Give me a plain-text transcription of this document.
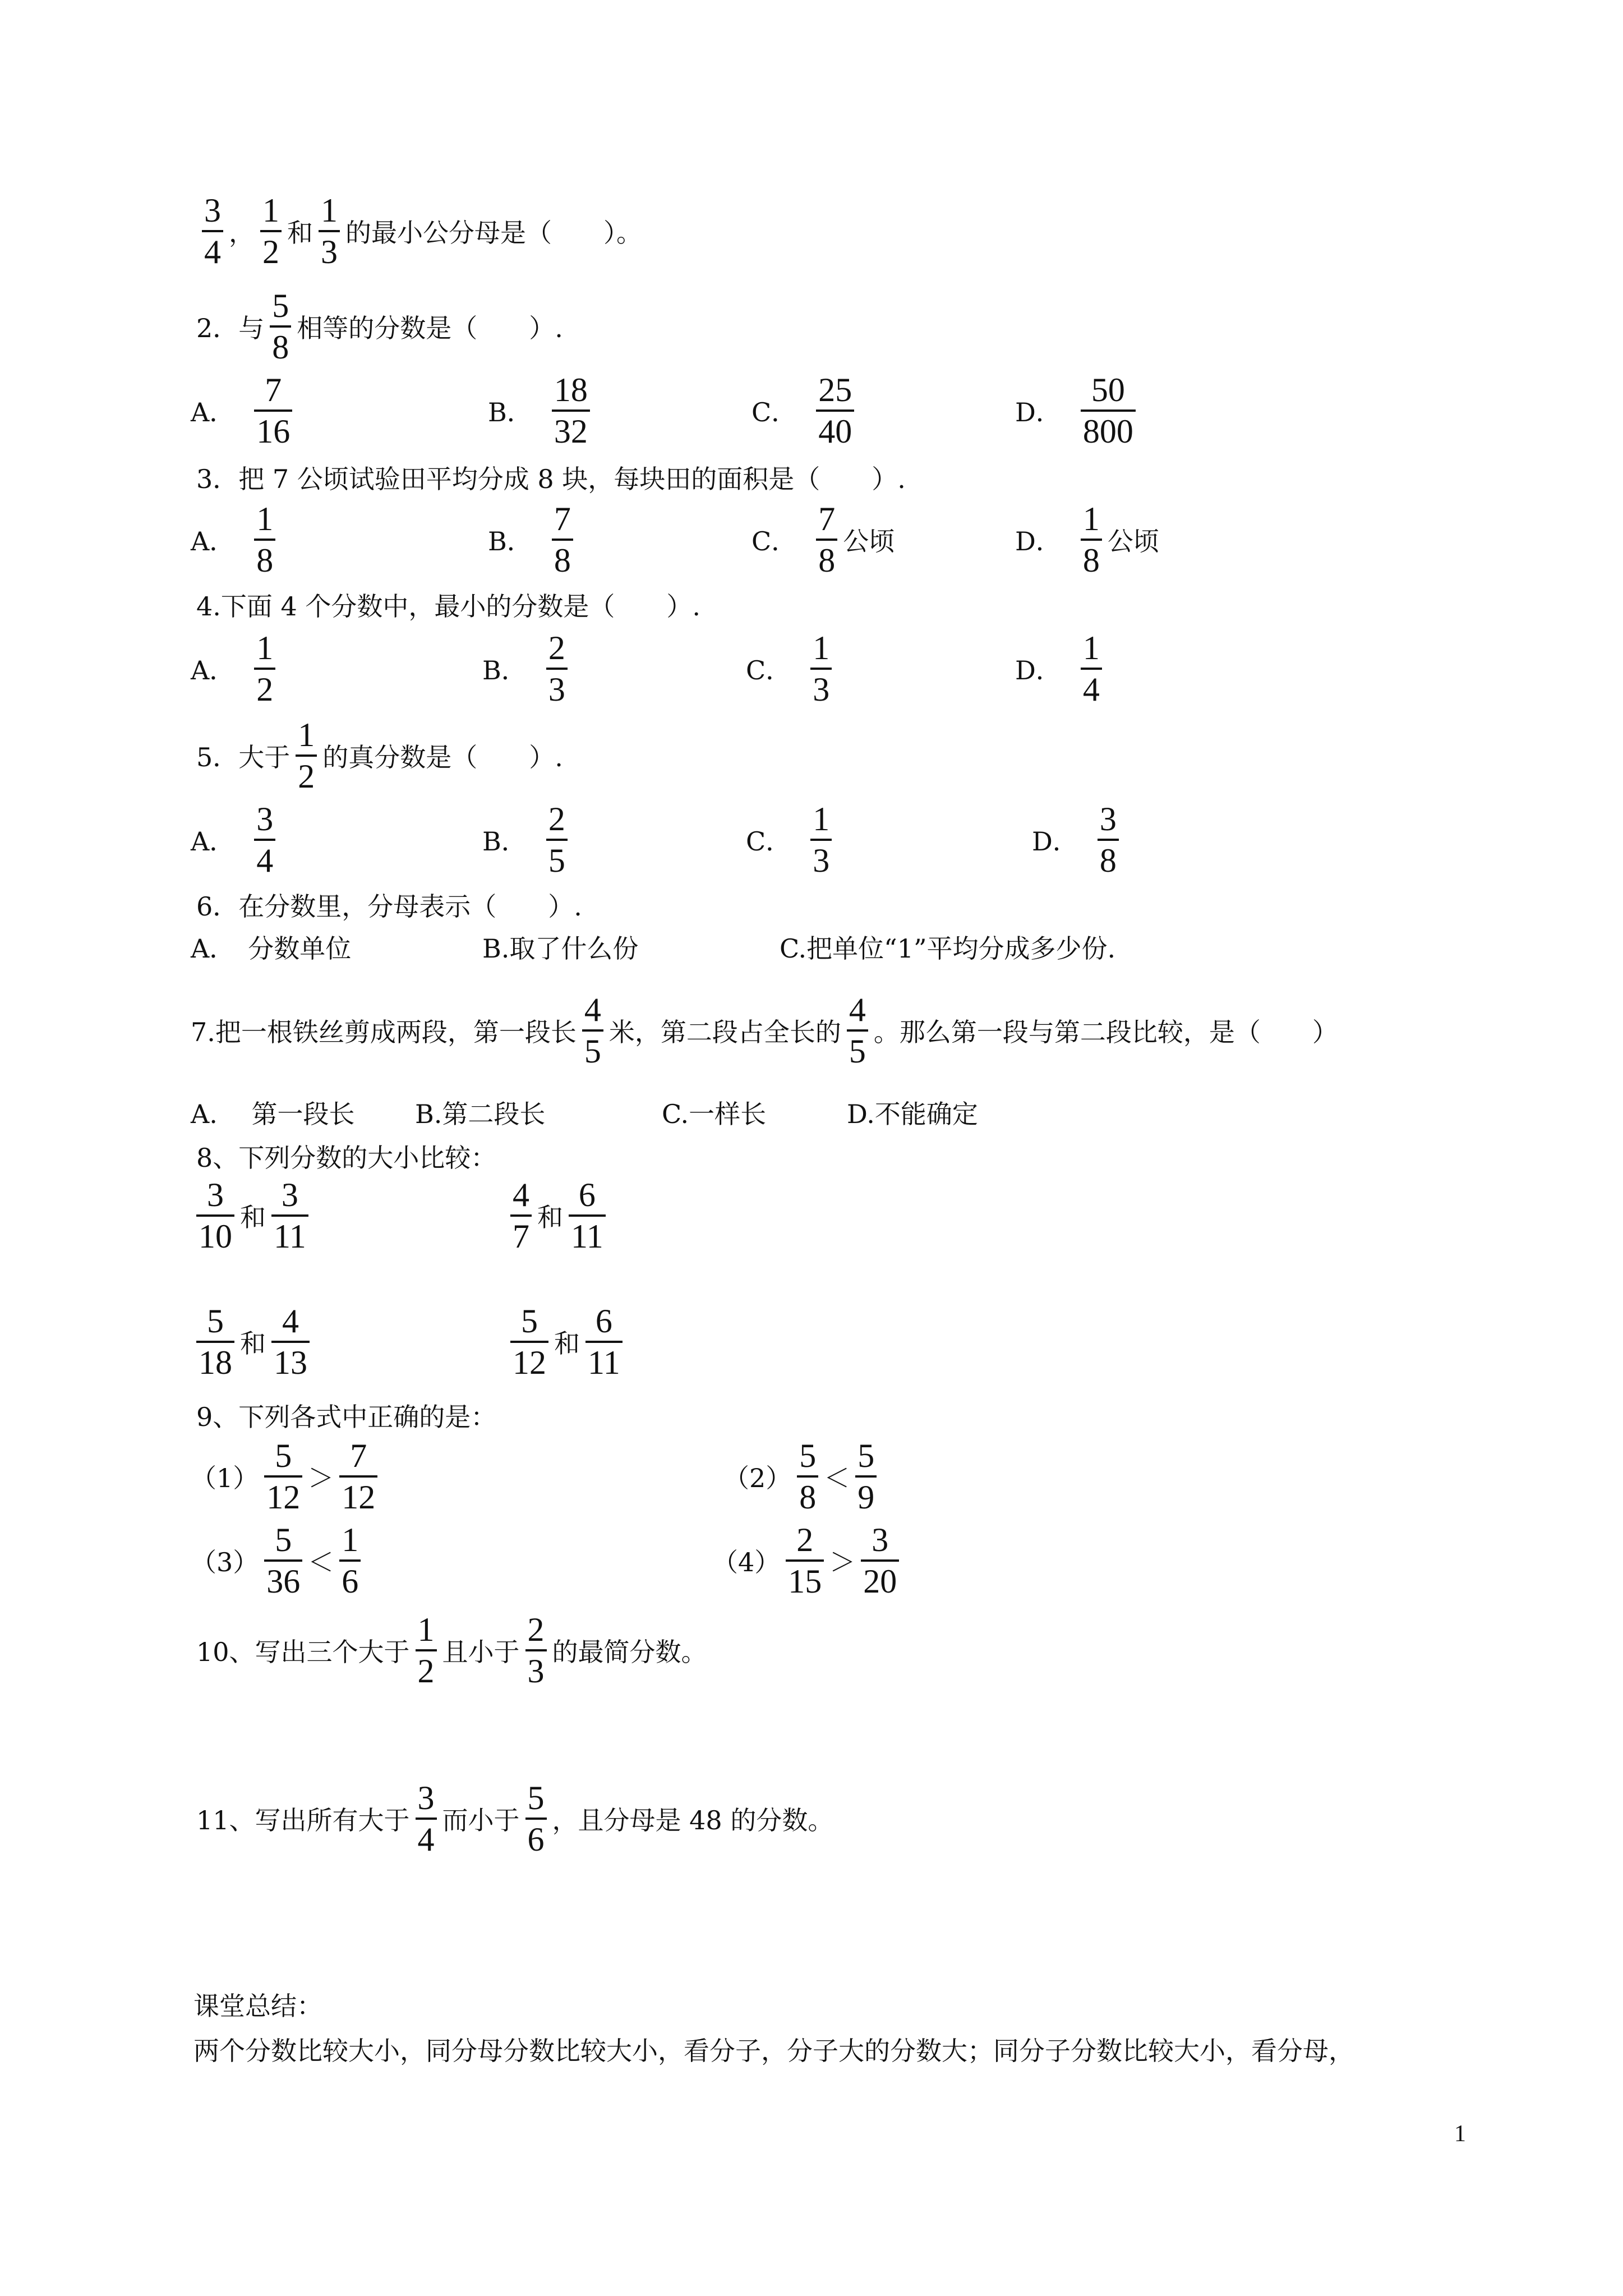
$\frac{3}{4}$ ， $\frac{1}{2}$ 和 $\frac{1}{3}$ 的最小公分母是（　　）。
2．与 $\frac{5}{8}$ 相等的分数是（　　）.
A． $\frac{7}{16}$	B． $\frac{18}{32}$	C． $\frac{25}{40}$	D． $\frac{50}{800}$
3．把 7 公顷试验田平均分成 8 块，每块田的面积是（　　）.
A． $\frac{1}{8}$	B． $\frac{7}{8}$	C． $\frac{7}{8}$ 公顷	D． $\frac{1}{8}$ 公顷
4.下面 4 个分数中，最小的分数是（　　）.
A． $\frac{1}{2}$	B． $\frac{2}{3}$	C． $\frac{1}{3}$	D． $\frac{1}{4}$
5．大于 $\frac{1}{2}$ 的真分数是（　　）.
A． $\frac{3}{4}$	B． $\frac{2}{5}$	C． $\frac{1}{3}$	D． $\frac{3}{8}$
6．在分数里，分母表示（　　）.
A．　分数单位	B.取了什么份	C.把单位“1”平均分成多少份.
7.把一根铁丝剪成两段，第一段长 $\frac{4}{5}$ 米，第二段占全长的 $\frac{4}{5}$ 。那么第一段与第二段比较，是（　　）
A.　 第一段长 B.第二段长	C.一样长	D.不能确定
8、下列分数的大小比较：
$\frac{3}{10}$ 和 $\frac{3}{11}$	$\frac{4}{7}$ 和 $\frac{6}{11}$
$\frac{5}{18}$ 和 $\frac{4}{13}$	$\frac{5}{12}$ 和 $\frac{6}{11}$
9、下列各式中正确的是：
$(1) \frac{5}{12} > \frac{7}{12}$	$(2) \frac{5}{8} < \frac{5}{9}$
$(3) \frac{5}{36} < \frac{1}{6}$	$(4) \frac{2}{15} > \frac{3}{20}$
10、写出三个大于 $\frac{1}{2}$ 且小于 $\frac{2}{3}$ 的最简分数。
11、写出所有大于 $\frac{3}{4}$ 而小于 $\frac{5}{6}$ ，且分母是 48 的分数。
课堂总结：
两个分数比较大小，同分母分数比较大小，看分子，分子大的分数大；同分子分数比较大小，看分母，
1
